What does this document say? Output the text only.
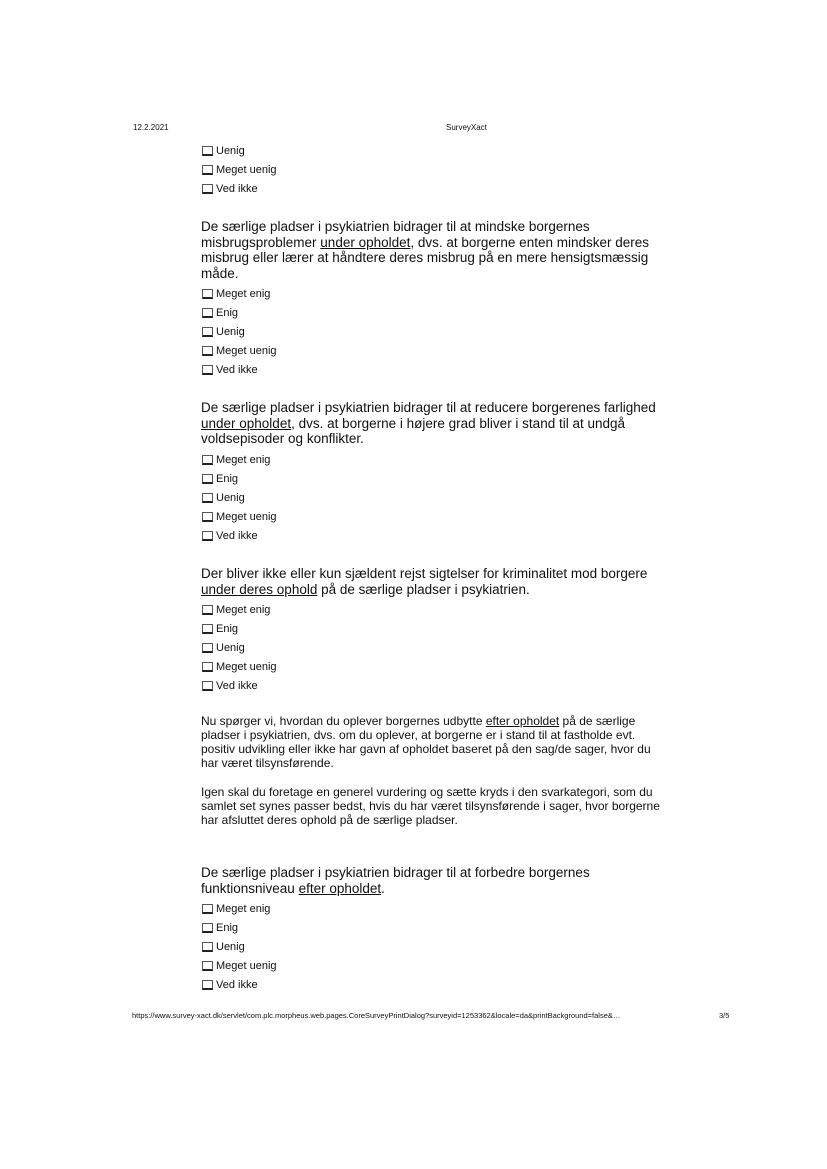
12.2.2021	SurveyXact
Uenig
Meget uenig
Ved ikke
De særlige pladser i psykiatrien bidrager til at mindske borgernes misbrugsproblemer under opholdet, dvs. at borgerne enten mindsker deres misbrug eller lærer at håndtere deres misbrug på en mere hensigtsmæssig måde.
Meget enig
Enig
Uenig
Meget uenig
Ved ikke
De særlige pladser i psykiatrien bidrager til at reducere borgerenes farlighed under opholdet, dvs. at borgerne i højere grad bliver i stand til at undgå voldsepisoder og konflikter.
Meget enig
Enig
Uenig
Meget uenig
Ved ikke
Der bliver ikke eller kun sjældent rejst sigtelser for kriminalitet mod borgere under deres ophold på de særlige pladser i psykiatrien.
Meget enig
Enig
Uenig
Meget uenig
Ved ikke
Nu spørger vi, hvordan du oplever borgernes udbytte efter opholdet på de særlige pladser i psykiatrien, dvs. om du oplever, at borgerne er i stand til at fastholde evt. positiv udvikling eller ikke har gavn af opholdet baseret på den sag/de sager, hvor du har været tilsynsførende.
Igen skal du foretage en generel vurdering og sætte kryds i den svarkategori, som du samlet set synes passer bedst, hvis du har været tilsynsførende i sager, hvor borgerne har afsluttet deres ophold på de særlige pladser.
De særlige pladser i psykiatrien bidrager til at forbedre borgernes funktionsniveau efter opholdet.
Meget enig
Enig
Uenig
Meget uenig
Ved ikke
https://www.survey-xact.dk/servlet/com.plc.morpheus.web.pages.CoreSurveyPrintDialog?surveyid=1253362&locale=da&printBackground=false&…	3/5
